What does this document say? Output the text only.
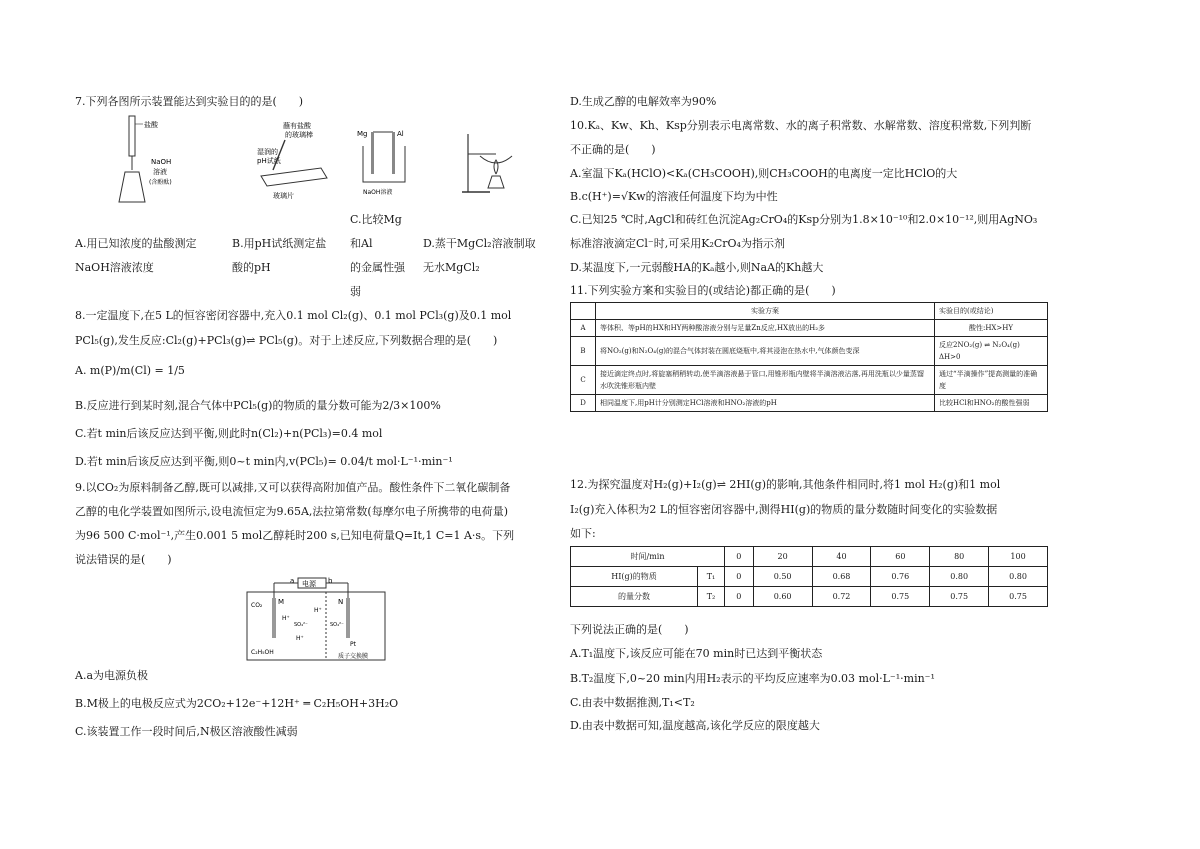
7.下列各图所示装置能达到实验目的的是(　　)
盐酸
NaOH
溶液
(含酚酞)
蘸有盐酸
的玻璃棒
湿润的
pH试纸
玻璃片
Mg	Al
NaOH溶液
C.比较Mg
A.用已知浓度的盐酸测定	B.用pH试纸测定盐 和Al	D.蒸干MgCl₂溶液制取
NaOH溶液浓度	酸的pH	的金属性强 无水MgCl₂
弱
8.一定温度下,在5 L的恒容密闭容器中,充入0.1 mol Cl₂(g)、0.1 mol PCl₃(g)及0.1 mol
PCl₅(g),发生反应:Cl₂(g)+PCl₃(g)⇌ PCl₅(g)。对于上述反应,下列数据合理的是(　　)
A. m(P)/m(Cl) = 1/5
B.反应进行到某时刻,混合气体中PCl₅(g)的物质的量分数可能为2/3×100%
C.若t min后该反应达到平衡,则此时n(Cl₂)+n(PCl₃)=0.4 mol
D.若t min后该反应达到平衡,则0~t min内,v(PCl₅)= 0.04/t mol·L⁻¹·min⁻¹
9.以CO₂为原料制备乙醇,既可以减排,又可以获得高附加值产品。酸性条件下二氧化碳制备
乙醇的电化学装置如图所示,设电流恒定为9.65A,法拉第常数(每摩尔电子所携带的电荷量)
为96 500 C·mol⁻¹,产生0.001 5 mol乙醇耗时200 s,已知电荷量Q=It,1 C=1 A·s。下列
说法错误的是(　　)
电源
a	b
CO₂ M	N
H⁺
H⁺
SO₄²⁻	SO₄²⁻
H⁺
C₂H₅OH
Pt
质子交换膜
A.a为电源负极
B.M极上的电极反应式为2CO₂+12e⁻+12H⁺ ═ C₂H₅OH+3H₂O
C.该装置工作一段时间后,N极区溶液酸性减弱
D.生成乙醇的电解效率为90%
10.Kₐ、Kw、Kh、Ksp分别表示电离常数、水的离子积常数、水解常数、溶度积常数,下列判断
不正确的是(　　)
A.室温下Kₐ(HClO)<Kₐ(CH₃COOH),则CH₃COOH的电离度一定比HClO的大
B.c(H⁺)=√Kw的溶液任何温度下均为中性
C.已知25 ℃时,AgCl和砖红色沉淀Ag₂CrO₄的Ksp分别为1.8×10⁻¹⁰和2.0×10⁻¹²,则用AgNO₃
标准溶液滴定Cl⁻时,可采用K₂CrO₄为指示剂
D.某温度下,一元弱酸HA的Kₐ越小,则NaA的Kh越大
11.下列实验方案和实验目的(或结论)都正确的是(　　)
	实验方案	实验目的(或结论)
A	等体积、等pH的HX和HY两种酸溶液分别与足量Zn反应,HX放出的H₂多	酸性:HX>HY
B	将NO₂(g)和N₂O₄(g)的混合气体封装在圆底烧瓶中,将其浸泡在热水中,气体颜色变深	反应2NO₂(g) ⇌ N₂O₄(g) ΔH>0
C	接近滴定终点时,将旋塞稍稍转动,使半滴溶液悬于管口,用锥形瓶内壁将半滴溶液沾落,再用洗瓶以少量蒸馏水吹洗锥形瓶内壁	通过“半滴操作”提高测量的准确度
D	相同温度下,用pH计分别测定HCl溶液和HNO₂溶液的pH	比较HCl和HNO₂的酸性强弱
12.为探究温度对H₂(g)+I₂(g)⇌ 2HI(g)的影响,其他条件相同时,将1 mol H₂(g)和1 mol
I₂(g)充入体积为2 L的恒容密闭容器中,测得HI(g)的物质的量分数随时间变化的实验数据
如下:
时间/min		0	20	40	60	80	100
HI(g)的物质	T₁	0	0.50	0.68	0.76	0.80	0.80
的量分数	T₂	0	0.60	0.72	0.75	0.75	0.75
下列说法正确的是(　　)
A.T₁温度下,该反应可能在70 min时已达到平衡状态
B.T₂温度下,0~20 min内用H₂表示的平均反应速率为0.03 mol·L⁻¹·min⁻¹
C.由表中数据推测,T₁<T₂
D.由表中数据可知,温度越高,该化学反应的限度越大
